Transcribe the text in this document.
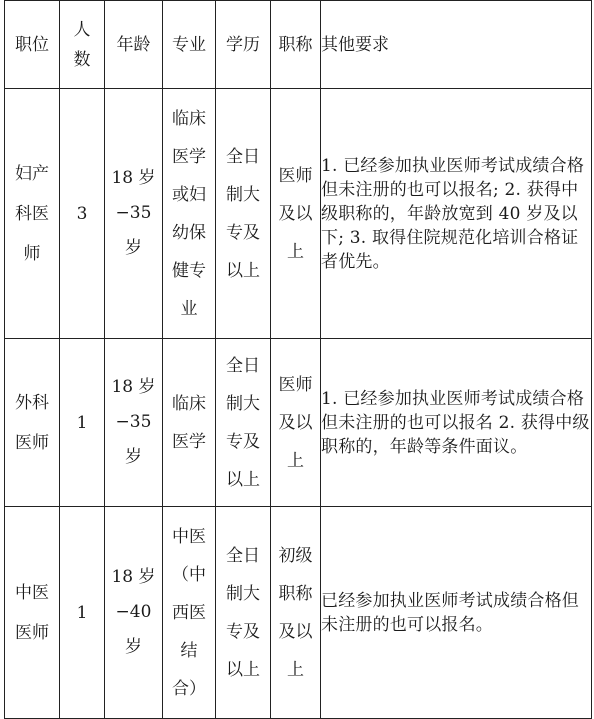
职位	人数	年龄	专业	学历	职称	其他要求

妇产科医师	3	18 岁 −35 岁	临床医学或妇幼保健专业	全日制大专及以上	医师及以上	1. 已经参加执业医师考试成绩合格但未注册的也可以报名; 2. 获得中级职称的，年龄放宽到 40 岁及以下; 3. 取得住院规范化培训合格证者优先。

外科医师	1	18 岁 −35 岁	临床医学	全日制大专及以上	医师及以上	1. 已经参加执业医师考试成绩合格但未注册的也可以报名 2. 获得中级职称的，年龄等条件面议。

中医医师	1	18 岁 −40 岁	中医（中西医结合）	全日制大专及以上	初级职称及以上	已经参加执业医师考试成绩合格但未注册的也可以报名。
